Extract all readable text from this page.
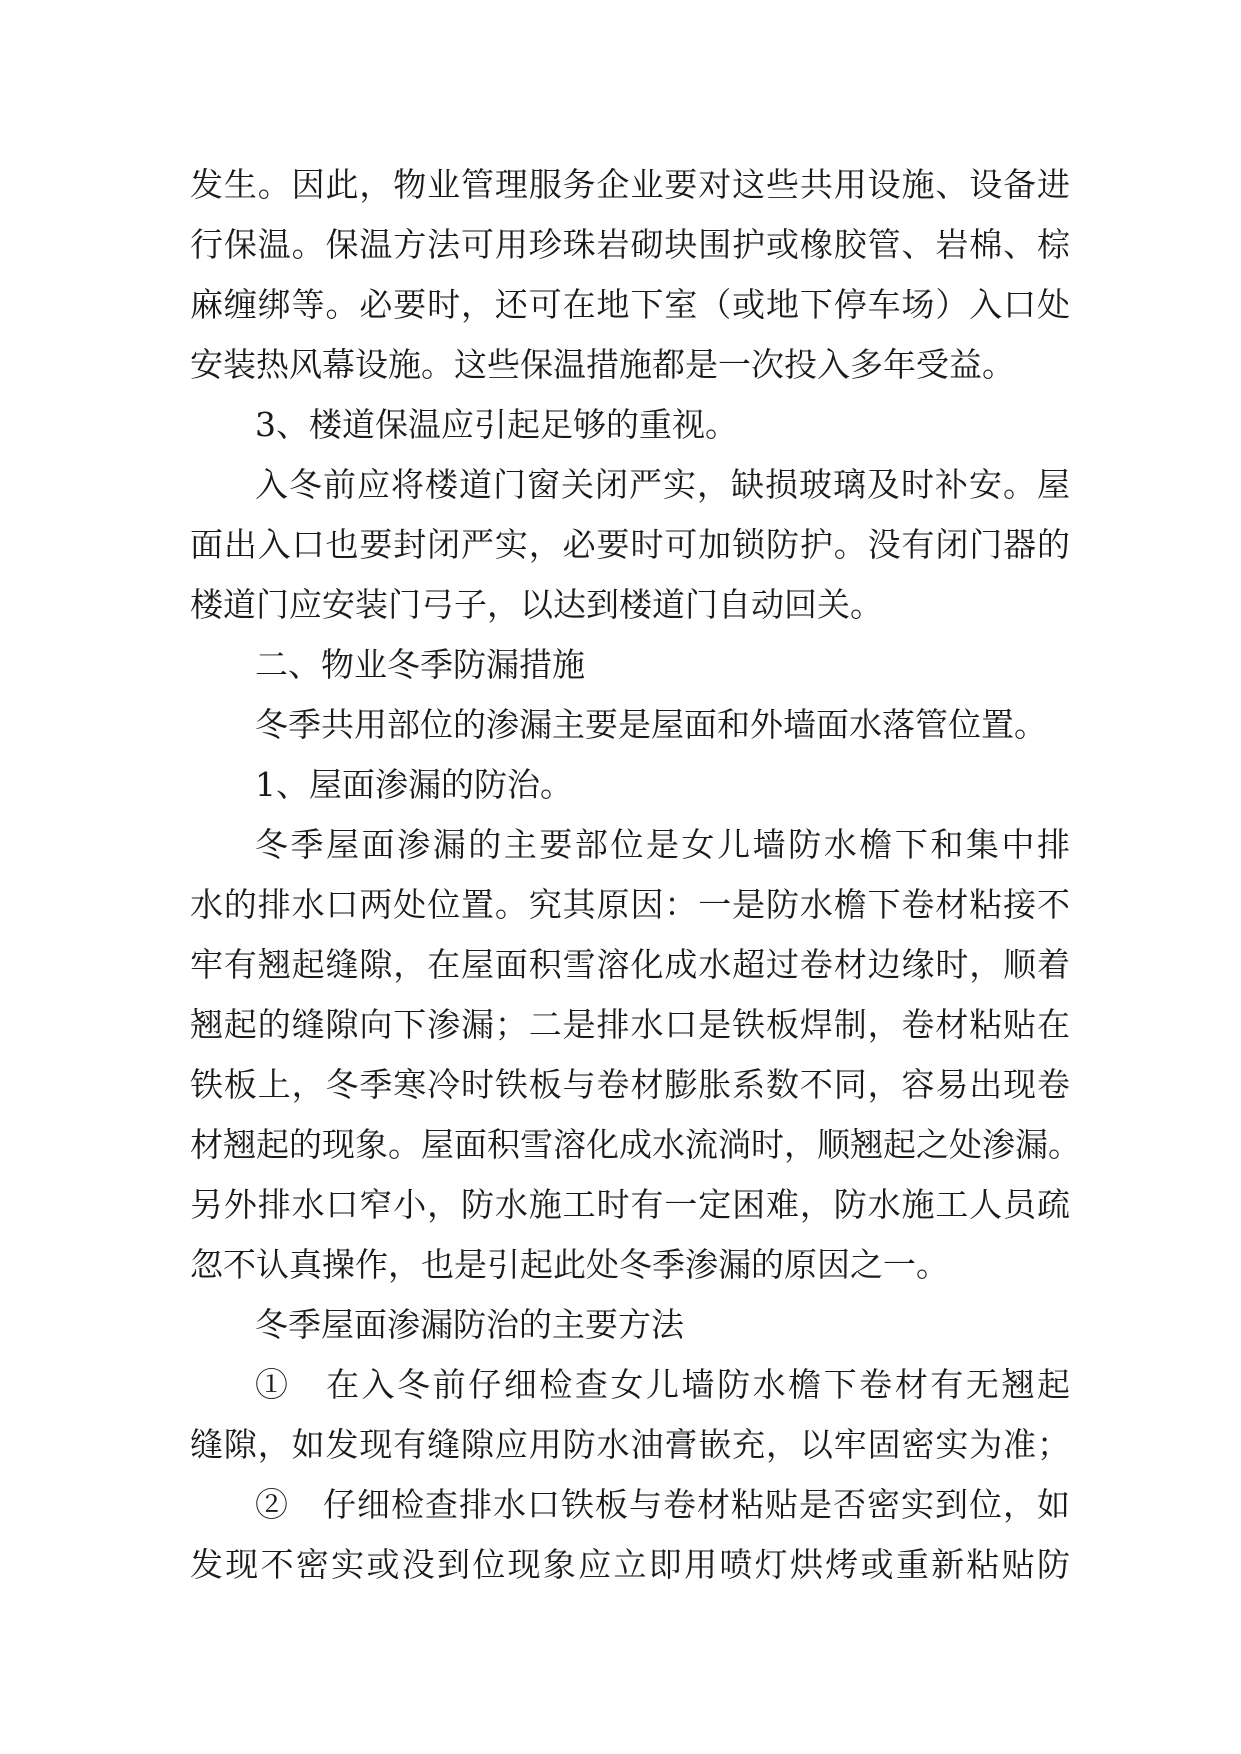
发生。因此，物业管理服务企业要对这些共用设施、设备进
行保温。保温方法可用珍珠岩砌块围护或橡胶管、岩棉、棕
麻缠绑等。必要时，还可在地下室（或地下停车场）入口处
安装热风幕设施。这些保温措施都是一次投入多年受益。
3、楼道保温应引起足够的重视。
入冬前应将楼道门窗关闭严实，缺损玻璃及时补安。屋
面出入口也要封闭严实，必要时可加锁防护。没有闭门器的
楼道门应安装门弓子，以达到楼道门自动回关。
二、物业冬季防漏措施
冬季共用部位的渗漏主要是屋面和外墙面水落管位置。
1、屋面渗漏的防治。
冬季屋面渗漏的主要部位是女儿墙防水檐下和集中排
水的排水口两处位置。究其原因：一是防水檐下卷材粘接不
牢有翘起缝隙，在屋面积雪溶化成水超过卷材边缘时，顺着
翘起的缝隙向下渗漏；二是排水口是铁板焊制，卷材粘贴在
铁板上，冬季寒冷时铁板与卷材膨胀系数不同，容易出现卷
材翘起的现象。屋面积雪溶化成水流淌时，顺翘起之处渗漏。
另外排水口窄小，防水施工时有一定困难，防水施工人员疏
忽不认真操作，也是引起此处冬季渗漏的原因之一。
冬季屋面渗漏防治的主要方法
①　在入冬前仔细检查女儿墙防水檐下卷材有无翘起
缝隙，如发现有缝隙应用防水油膏嵌充，以牢固密实为准；
②　仔细检查排水口铁板与卷材粘贴是否密实到位，如
发现不密实或没到位现象应立即用喷灯烘烤或重新粘贴防
